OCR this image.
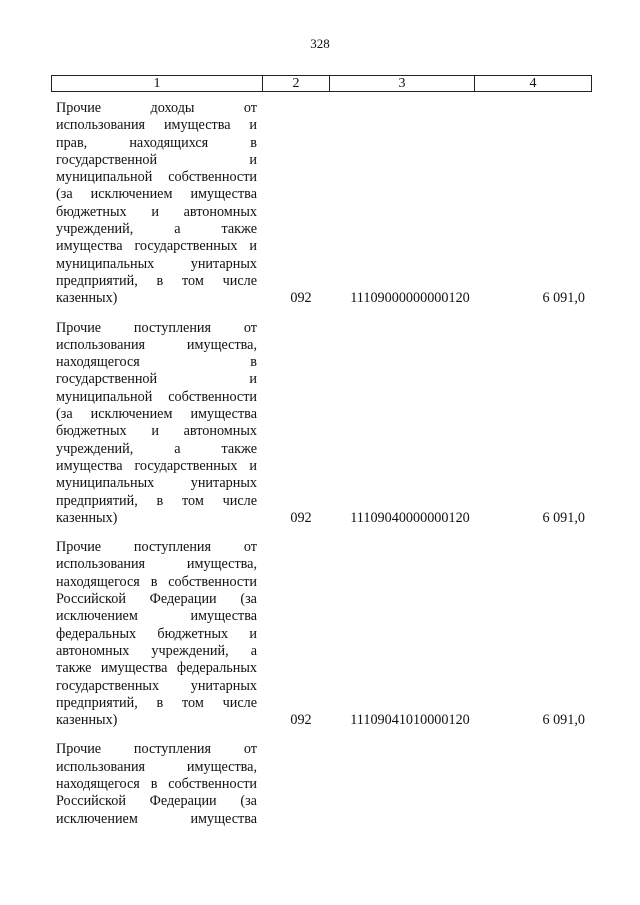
328
1	2	3	4
Прочие доходы от
использования имущества и
прав, находящихся в
государственной и
муниципальной собственности
(за исключением имущества
бюджетных и автономных
учреждений, а также
имущества государственных и
муниципальных унитарных
предприятий, в том числе
казенных)	092	11109000000000120	6 091,0
Прочие поступления от
использования имущества,
находящегося в
государственной и
муниципальной собственности
(за исключением имущества
бюджетных и автономных
учреждений, а также
имущества государственных и
муниципальных унитарных
предприятий, в том числе
казенных)	092	11109040000000120	6 091,0
Прочие поступления от
использования имущества,
находящегося в собственности
Российской Федерации (за
исключением имущества
федеральных бюджетных и
автономных учреждений, а
также имущества федеральных
государственных унитарных
предприятий, в том числе
казенных)	092	11109041010000120	6 091,0
Прочие поступления от
использования имущества,
находящегося в собственности
Российской Федерации (за
исключением имущества
